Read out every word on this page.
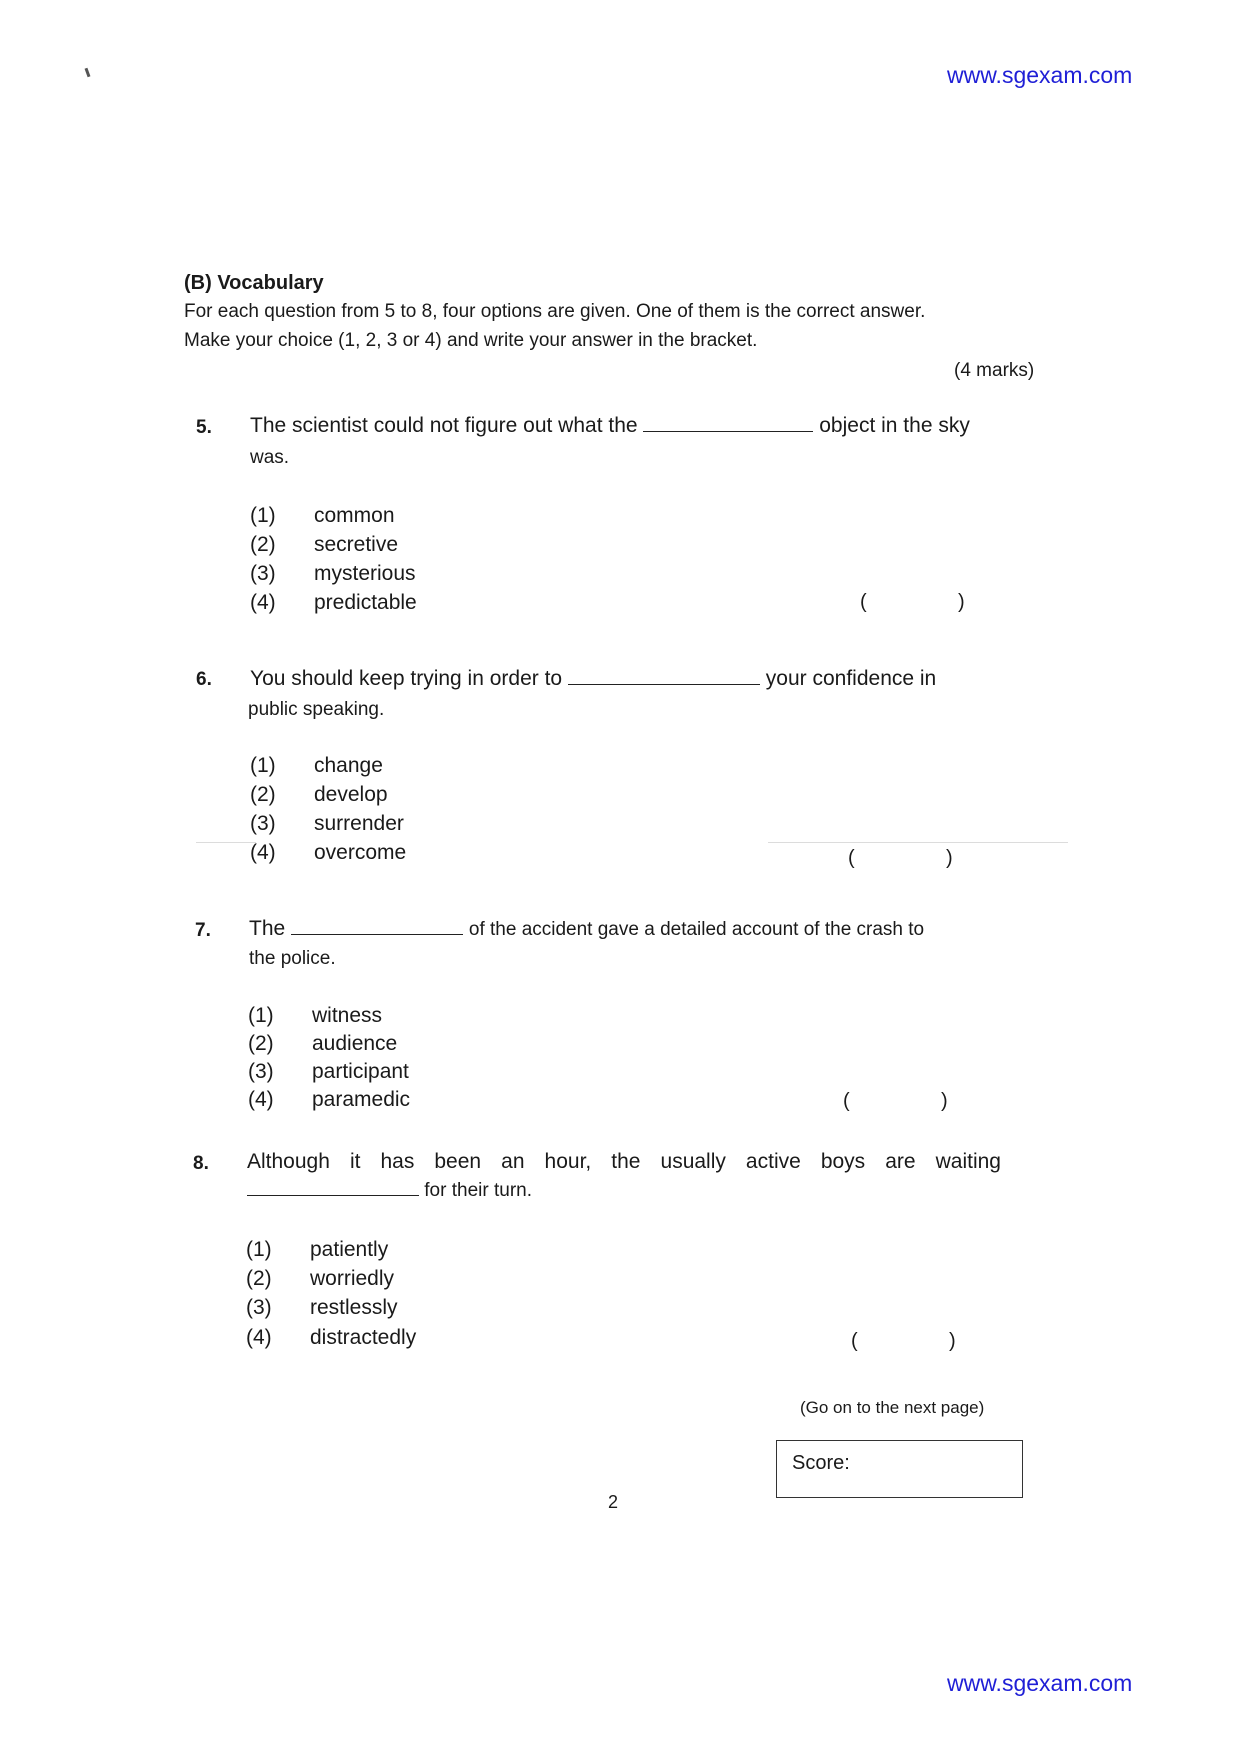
www.sgexam.com
(B) Vocabulary
For each question from 5 to 8, four options are given. One of them is the correct answer.
Make your choice (1, 2, 3 or 4) and write your answer in the bracket.
(4 marks)
5. The scientist could not figure out what the	object in the sky
was.
(1) common
(2) secretive
(3) mysterious
(4) predictable	(	)
6. You should keep trying in order to	your confidence in
public speaking.
(1) change
(2) develop
(3) surrender
(4) overcome	(	)
7. The	of the accident gave a detailed account of the crash to
the police.
(1) witness
(2) audience
(3) participant
(4) paramedic	(	)
8. Although it has been an hour, the usually active boys are waiting
for their turn.
(1) patiently
(2) worriedly
(3) restlessly
(4) distractedly	(	)
(Go on to the next page)
Score:
2
www.sgexam.com
